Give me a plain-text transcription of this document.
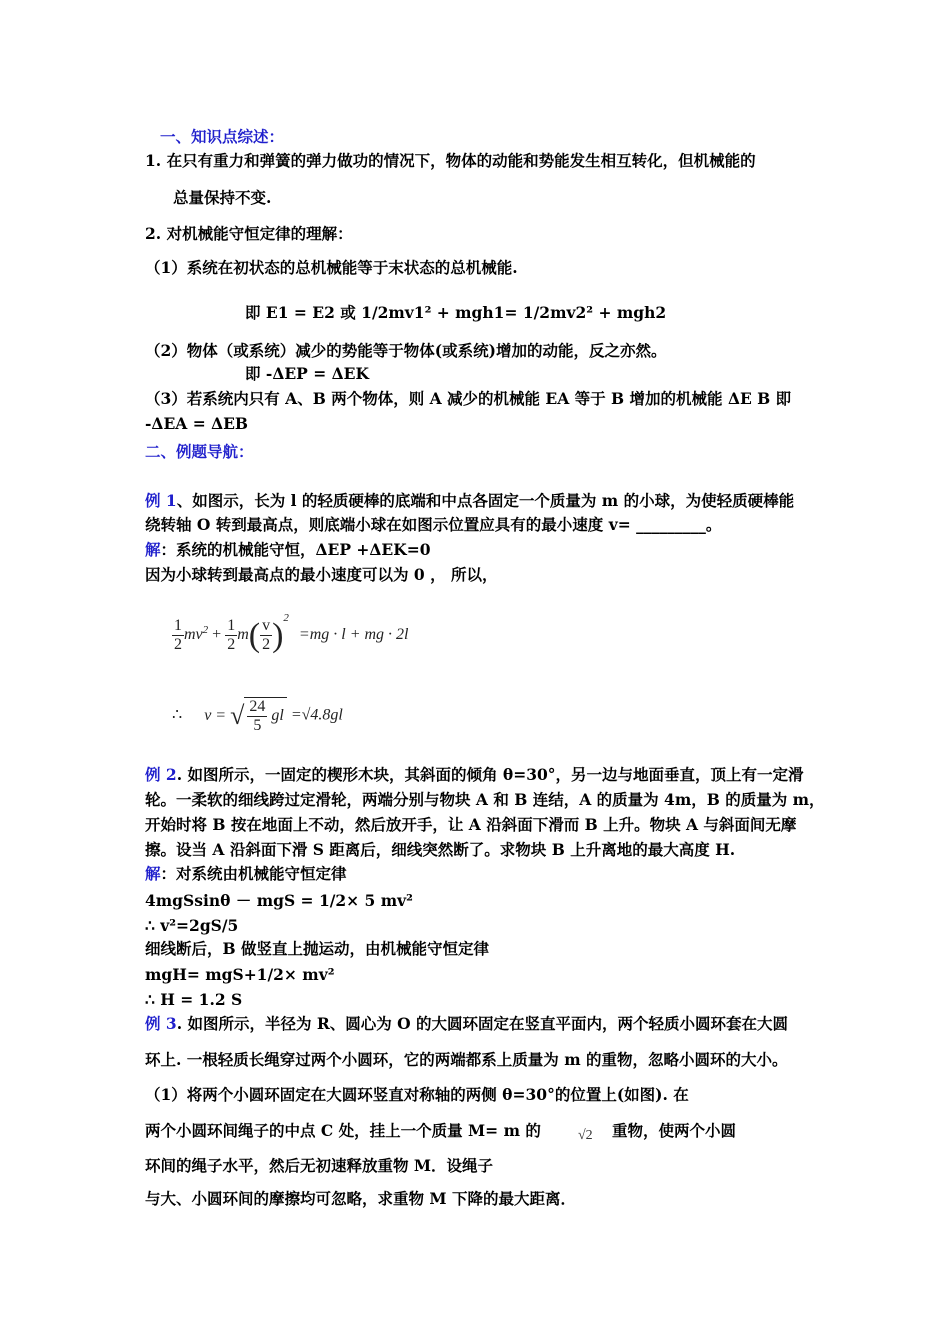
一、知识点综述：
1. 在只有重力和弹簧的弹力做功的情况下，物体的动能和势能发生相互转化，但机械能的
总量保持不变.
2. 对机械能守恒定律的理解：
（1）系统在初状态的总机械能等于末状态的总机械能.
即 E1 = E2 或 1/2mv1² + mgh1= 1/2mv2² + mgh2
（2）物体（或系统）减少的势能等于物体(或系统)增加的动能，反之亦然。
即 -ΔEP = ΔEK
（3）若系统内只有 A、B 两个物体，则 A 减少的机械能 EA 等于 B 增加的机械能 ΔE B 即
-ΔEA = ΔEB
二、例题导航：
例 1、如图示，长为 l 的轻质硬棒的底端和中点各固定一个质量为 m 的小球，为使轻质硬棒能
绕转轴 O 转到最高点，则底端小球在如图示位置应具有的最小速度 v= _________。
解：系统的机械能守恒，ΔEP +ΔEK=0
因为小球转到最高点的最小速度可以为 0 ， 所以，
$\frac{1}{2} mv^2 + \frac{1}{2} m( \frac{v}{2} )^2 =mg \cdot l$ + mg · 2l
∴ v = √ $\frac{24}{5}$ gl =√4.8gl
例 2. 如图所示，一固定的楔形木块，其斜面的倾角 θ=30°，另一边与地面垂直，顶上有一定滑
轮。一柔软的细线跨过定滑轮，两端分别与物块 A 和 B 连结，A 的质量为 4m，B 的质量为 m，
开始时将 B 按在地面上不动，然后放开手，让 A 沿斜面下滑而 B 上升。物块 A 与斜面间无摩
擦。设当 A 沿斜面下滑 S 距离后，细线突然断了。求物块 B 上升离地的最大高度 H.
解：对系统由机械能守恒定律
4mgSsinθ － mgS = 1/2× 5 mv²
∴ v²=2gS/5
细线断后，B 做竖直上抛运动，由机械能守恒定律
mgH= mgS+1/2× mv²
∴ H = 1.2 S
例 3. 如图所示，半径为 R、圆心为 O 的大圆环固定在竖直平面内，两个轻质小圆环套在大圆
环上. 一根轻质长绳穿过两个小圆环，它的两端都系上质量为 m 的重物，忽略小圆环的大小。
（1）将两个小圆环固定在大圆环竖直对称轴的两侧 θ=30°的位置上(如图). 在
两个小圆环间绳子的中点 C 处，挂上一个质量 M= m 的	√2 重物，使两个小圆
环间的绳子水平，然后无初速释放重物 M．设绳子
与大、小圆环间的摩擦均可忽略，求重物 M 下降的最大距离．
